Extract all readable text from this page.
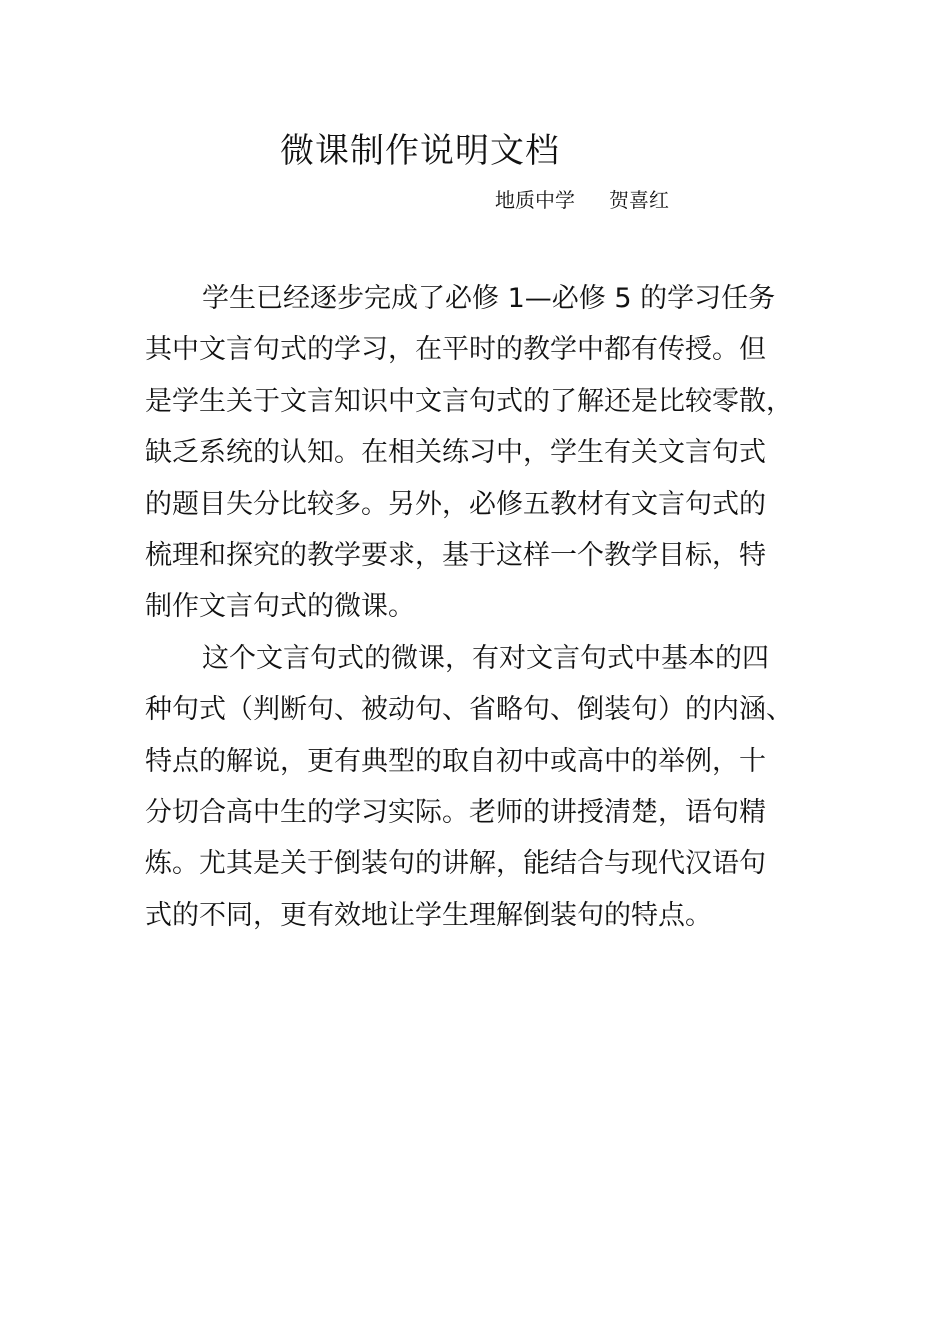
微课制作说明文档
地质中学 贺喜红
学生已经逐步完成了必修 1—必修 5 的学习任务
其中文言句式的学习，在平时的教学中都有传授。但
是学生关于文言知识中文言句式的了解还是比较零散，
缺乏系统的认知。在相关练习中，学生有关文言句式
的题目失分比较多。另外，必修五教材有文言句式的
梳理和探究的教学要求，基于这样一个教学目标，特
制作文言句式的微课。
这个文言句式的微课，有对文言句式中基本的四
种句式（判断句、被动句、省略句、倒装句）的内涵、
特点的解说，更有典型的取自初中或高中的举例，十
分切合高中生的学习实际。老师的讲授清楚，语句精
炼。尤其是关于倒装句的讲解，能结合与现代汉语句
式的不同，更有效地让学生理解倒装句的特点。
